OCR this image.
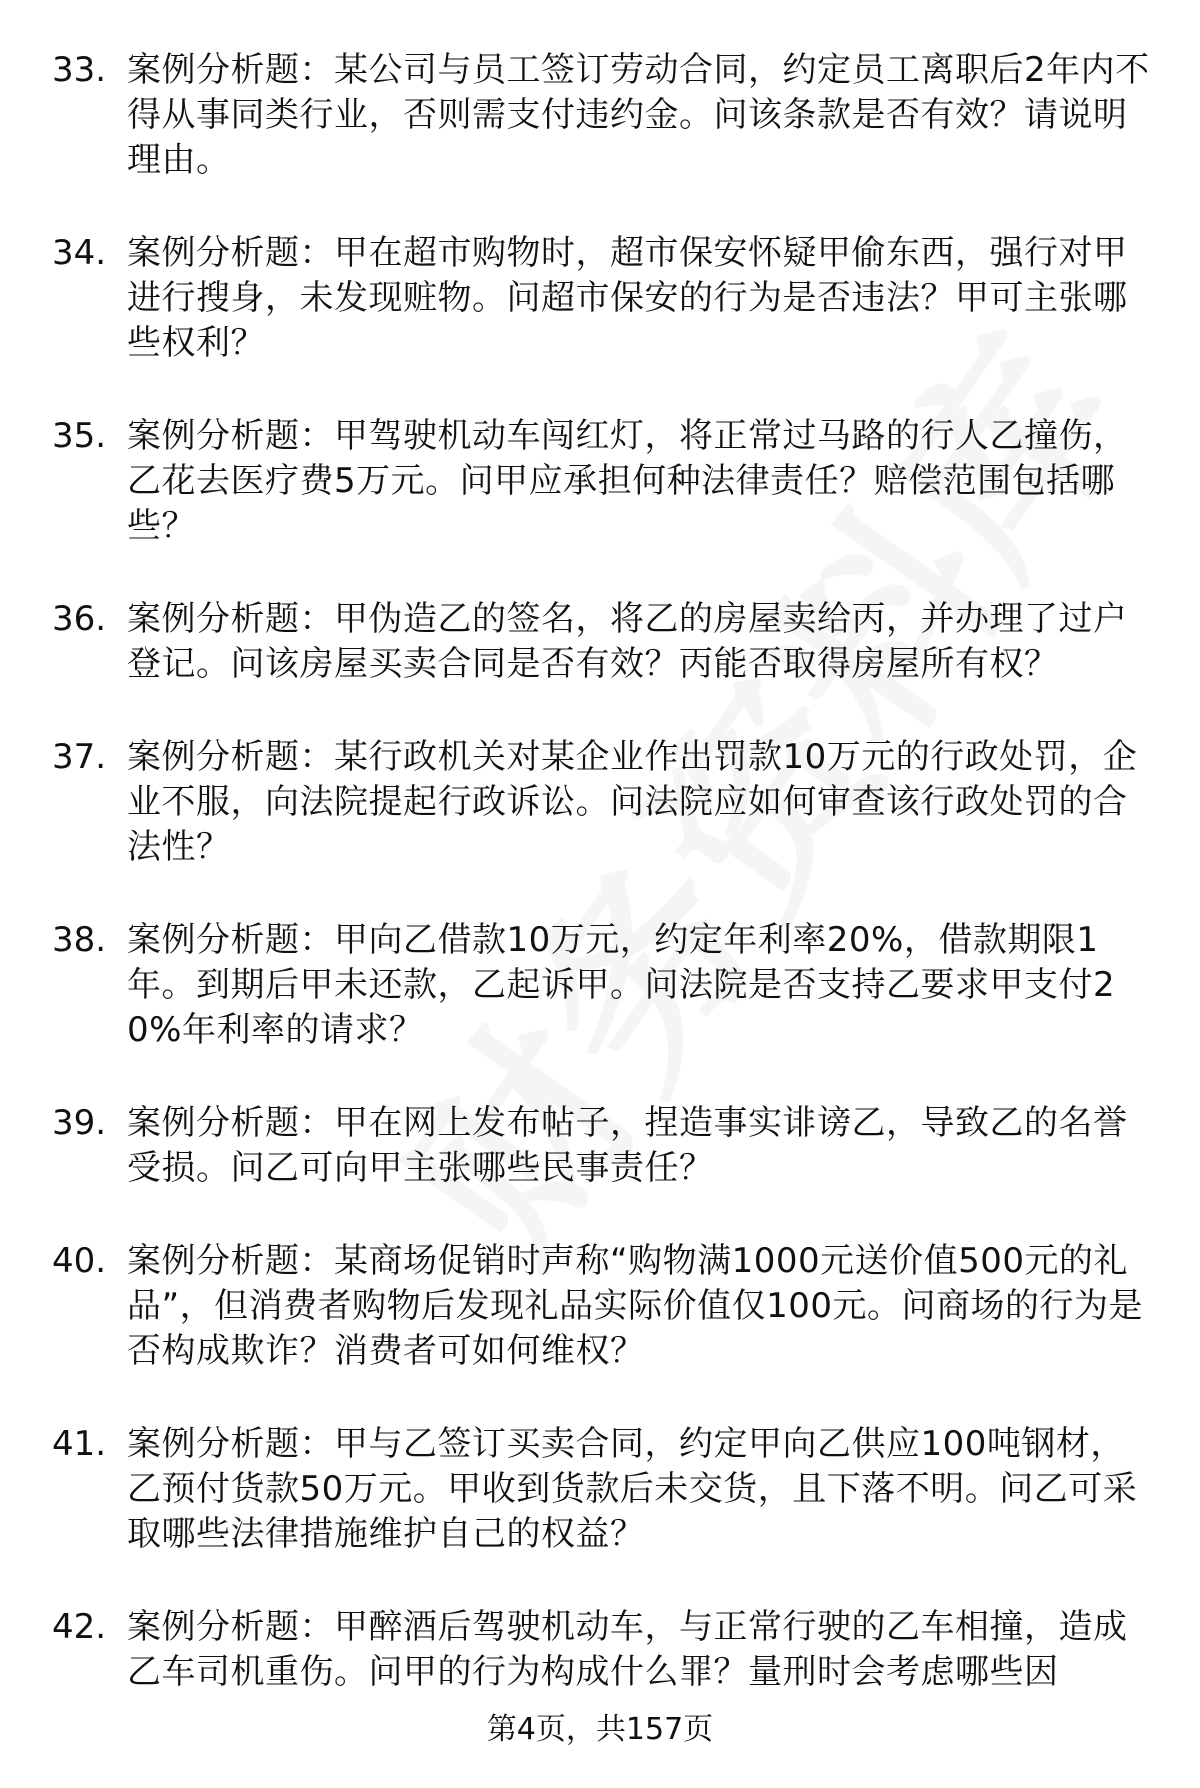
33. 案例分析题：某公司与员工签订劳动合同，约定员工离职后2年内不得从事同类行业，否则需支付违约金。问该条款是否有效？请说明理由。
34. 案例分析题：甲在超市购物时，超市保安怀疑甲偷东西，强行对甲进行搜身，未发现赃物。问超市保安的行为是否违法？甲可主张哪些权利？
35. 案例分析题：甲驾驶机动车闯红灯，将正常过马路的行人乙撞伤，乙花去医疗费5万元。问甲应承担何种法律责任？赔偿范围包括哪些？
36. 案例分析题：甲伪造乙的签名，将乙的房屋卖给丙，并办理了过户登记。问该房屋买卖合同是否有效？丙能否取得房屋所有权？
37. 案例分析题：某行政机关对某企业作出罚款10万元的行政处罚，企业不服，向法院提起行政诉讼。问法院应如何审查该行政处罚的合法性？
38. 案例分析题：甲向乙借款10万元，约定年利率20%，借款期限1年。到期后甲未还款，乙起诉甲。问法院是否支持乙要求甲支付20%年利率的请求？
39. 案例分析题：甲在网上发布帖子，捏造事实诽谤乙，导致乙的名誉受损。问乙可向甲主张哪些民事责任？
40. 案例分析题：某商场促销时声称“购物满1000元送价值500元的礼品”，但消费者购物后发现礼品实际价值仅100元。问商场的行为是否构成欺诈？消费者可如何维权？
41. 案例分析题：甲与乙签订买卖合同，约定甲向乙供应100吨钢材，乙预付货款50万元。甲收到货款后未交货，且下落不明。问乙可采取哪些法律措施维护自己的权益？
42. 案例分析题：甲醉酒后驾驶机动车，与正常行驶的乙车相撞，造成乙车司机重伤。问甲的行为构成什么罪？量刑时会考虑哪些因
第4页，共157页
